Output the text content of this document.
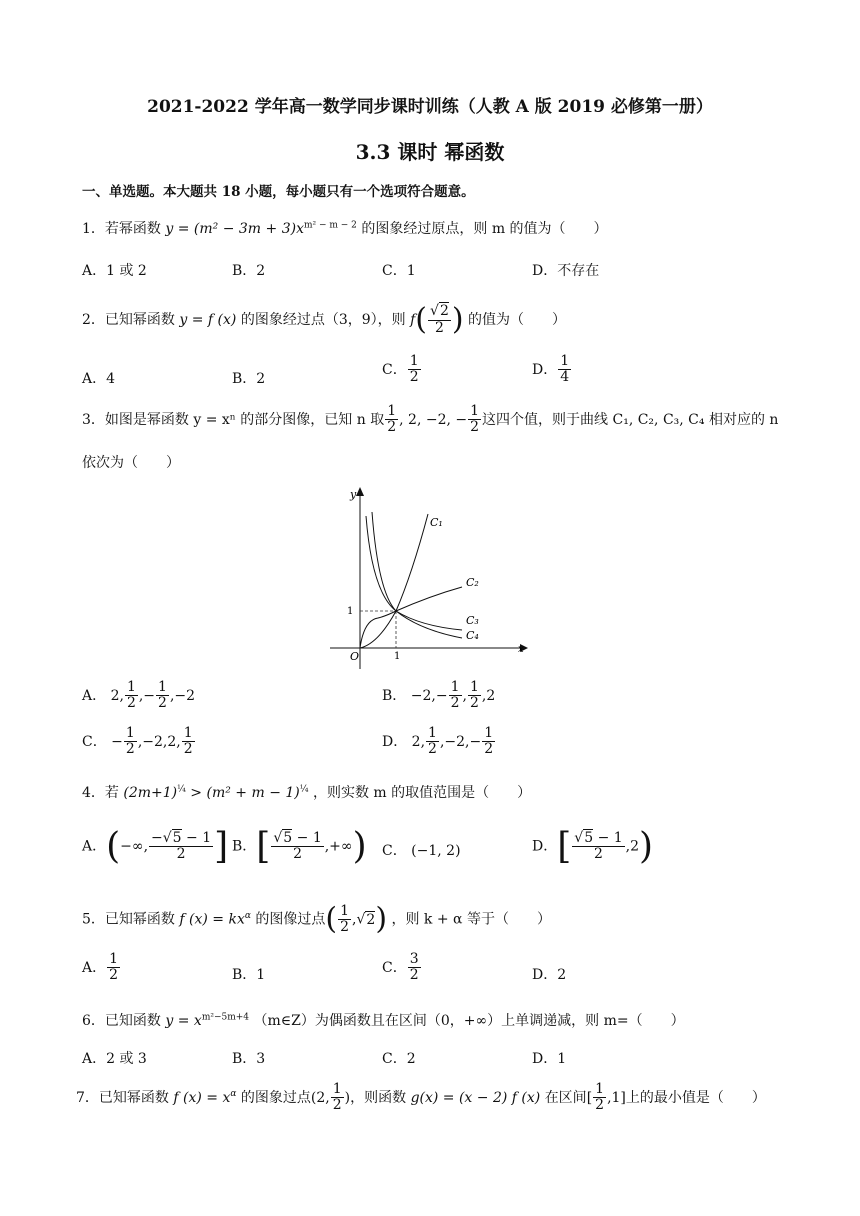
2021-2022 学年高一数学同步课时训练（人教 A 版 2019 必修第一册）
3.3 课时 幂函数
一、单选题。本大题共 18 小题，每小题只有一个选项符合题意。
1．若幂函数 $y = (m^2 - 3m + 3)x^{m^2 - m - 2}$ 的图象经过原点，则 m 的值为（　　）
A．1 或 2	B．2	C．1	D．不存在
2．已知幂函数 y = f (x) 的图象经过点（3，9），则 $f( \frac{√2}{2}$ ) 的值为（　　）
A．4	B．2
C． $\frac{1}{2}$	D． $\frac{1}{4}$
3．如图是幂函数 y = xⁿ 的部分图像，已知 n 取 $\frac{1}{2}$ , 2, −2, − $\frac{1}{2}$ 这四个值，则于曲线 C₁, C₂, C₃, C₄ 相对应的 n
依次为（　　）
y
x
O	1
1
C₁
C₂
C₃
C₄
A． 2, $\frac{1}{2}$ ,− $\frac{1}{2} ,-2$	B． $-2,- \frac{1}{2}$ , $\frac{1}{2} ,2$
C． − $\frac{1}{2} ,-2,2$, $\frac{1}{2}$	D． 2, $\frac{1}{2} ,-2,- \frac{1}{2}$
4．若 $(2m+1)^{\frac{1}{4}} > (m^2 + m - 1)^{\frac{1}{4}}$ ，则实数 m 的取值范围是（　　）
A．(−∞, $\frac{-√5 - 1}{2}$ ] B．[ $\frac{√5 - 1}{2}$ ,+∞) C． (−1, 2)	D．[ $\frac{√5 - 1}{2} ,2$)
5．已知幂函数 f $(x) = kx^\alpha$ 的图像过点( $\frac{1}{2} ,√2$) ，则 k + α 等于（　　）
A． $\frac{1}{2}$	B．1	C． $\frac{3}{2}$	D．2
6．已知函数 $y = x^{m^2-5m+4}$ （m∈Z）为偶函数且在区间（0，+∞）上单调递减，则 m=（　　）
A．2 或 3	B．3	C．2	D．1
7．已知幂函数 f $(x) = x^\alpha$ 的图象过点(2, $\frac{1}{2}$ )，则函数 g(x) = (x − 2) f (x) 在区间[ $\frac{1}{2} ,1$]上的最小值是（　　）
